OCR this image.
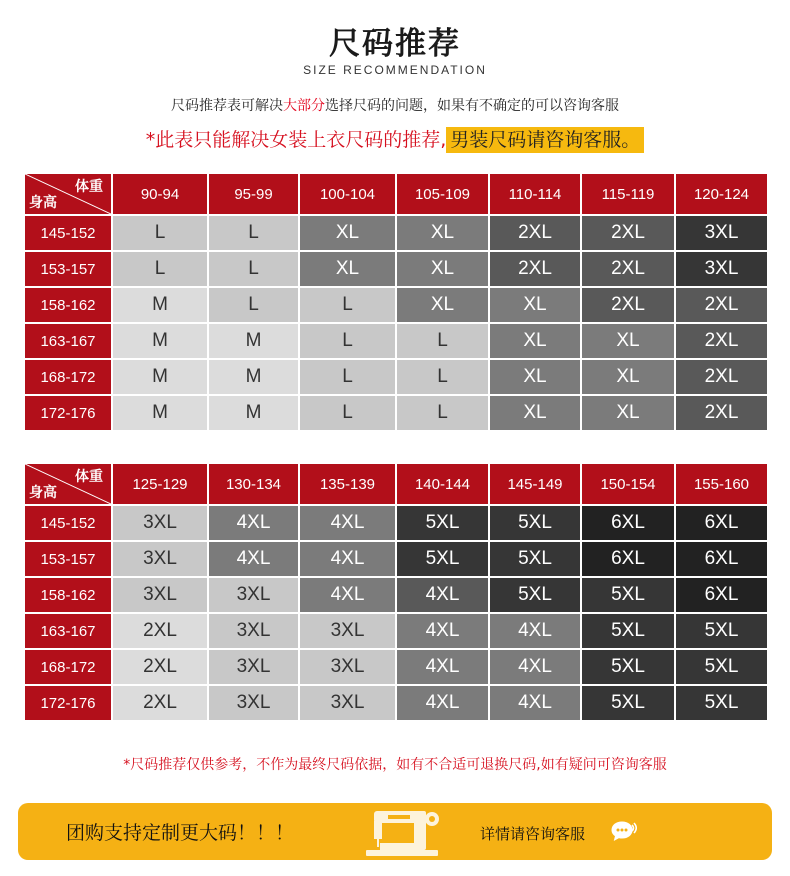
尺码推荐
SIZE RECOMMENDATION
尺码推荐表可解决大部分选择尺码的问题，如果有不确定的可以咨询客服
*此表只能解决女装上衣尺码的推荐, 男装尺码请咨询客服。
体重
身高	90-94	95-99	100-104	105-109	110-114	115-119	120-124
145-152	L	L	XL	XL	2XL	2XL	3XL
153-157	L	L	XL	XL	2XL	2XL	3XL
158-162	M	L	L	XL	XL	2XL	2XL
163-167	M	M	L	L	XL	XL	2XL
168-172	M	M	L	L	XL	XL	2XL
172-176	M	M	L	L	XL	XL	2XL
体重
身高	125-129	130-134	135-139	140-144	145-149	150-154	155-160
145-152	3XL	4XL	4XL	5XL	5XL	6XL	6XL
153-157	3XL	4XL	4XL	5XL	5XL	6XL	6XL
158-162	3XL	3XL	4XL	4XL	5XL	5XL	6XL
163-167	2XL	3XL	3XL	4XL	4XL	5XL	5XL
168-172	2XL	3XL	3XL	4XL	4XL	5XL	5XL
172-176	2XL	3XL	3XL	4XL	4XL	5XL	5XL
*尺码推荐仅供参考，不作为最终尺码依据，如有不合适可退换尺码,如有疑问可咨询客服
团购支持定制更大码！！！	详情请咨询客服
